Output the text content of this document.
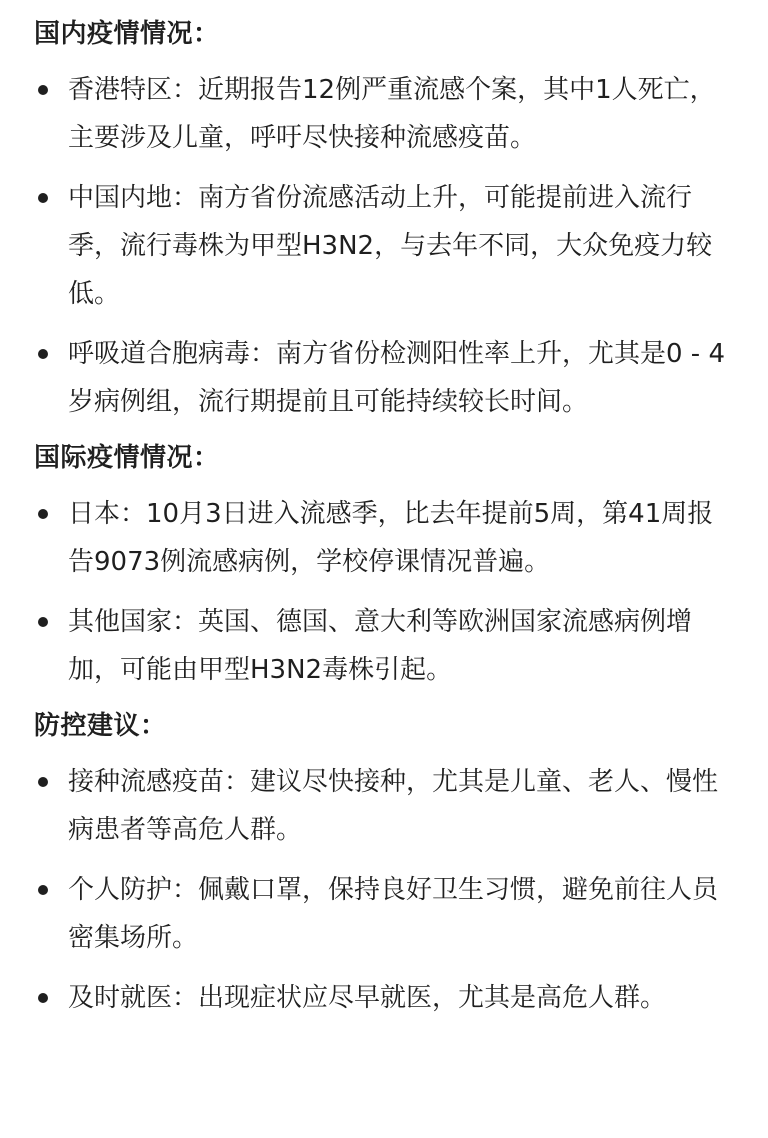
国内疫情情况：
香港特区：近期报告12例严重流感个案，其中1人死亡，主要涉及儿童，呼吁尽快接种流感疫苗。
中国内地：南方省份流感活动上升，可能提前进入流行季，流行毒株为甲型H3N2，与去年不同，大众免疫力较低。
呼吸道合胞病毒：南方省份检测阳性率上升，尤其是0 - 4 岁病例组，流行期提前且可能持续较长时间。
国际疫情情况：
日本：10月3日进入流感季，比去年提前5周，第41周报告9073例流感病例，学校停课情况普遍。
其他国家：英国、德国、意大利等欧洲国家流感病例增加，可能由甲型H3N2毒株引起。
防控建议：
接种流感疫苗：建议尽快接种，尤其是儿童、老人、慢性病患者等高危人群。
个人防护：佩戴口罩，保持良好卫生习惯，避免前往人员密集场所。
及时就医：出现症状应尽早就医，尤其是高危人群。
